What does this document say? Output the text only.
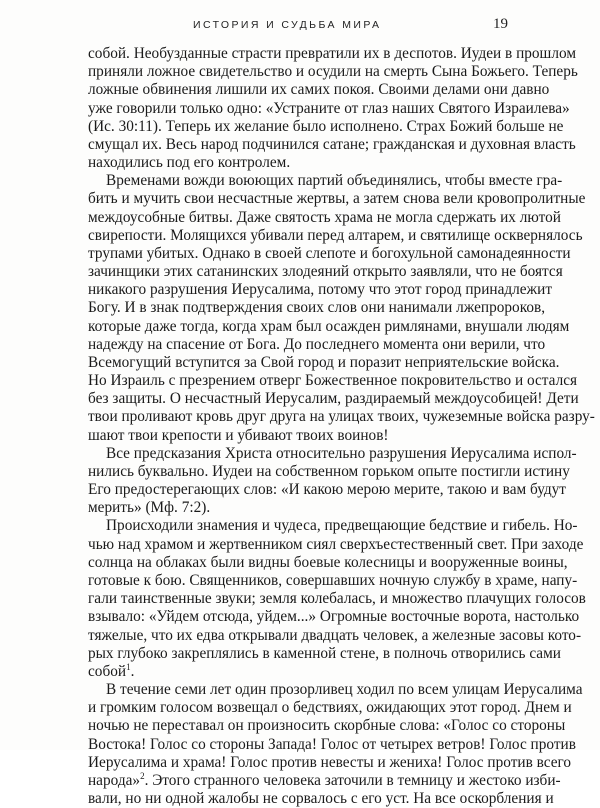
ИСТОРИЯ И СУДЬБА МИРА	19
собой. Необузданные страсти превратили их в деспотов. Иудеи в прошлом
приняли ложное свидетельство и осудили на смерть Сына Божьего. Теперь
ложные обвинения лишили их самих покоя. Своими делами они давно
уже говорили только одно: «Устраните от глаз наших Святого Израилева»
(Ис. 30:11). Теперь их желание было исполнено. Страх Божий больше не
смущал их. Весь народ подчинился сатане; гражданская и духовная власть
находились под его контролем.
Временами вожди воюющих партий объединялись, чтобы вместе гра-
бить и мучить свои несчастные жертвы, а затем снова вели кровопролитные
междоусобные битвы. Даже святость храма не могла сдержать их лютой
свирепости. Молящихся убивали перед алтарем, и святилище осквернялось
трупами убитых. Однако в своей слепоте и богохульной самонадеянности
зачинщики этих сатанинских злодеяний открыто заявляли, что не боятся
никакого разрушения Иерусалима, потому что этот город принадлежит
Богу. И в знак подтверждения своих слов они нанимали лжепророков,
которые даже тогда, когда храм был осажден римлянами, внушали людям
надежду на спасение от Бога. До последнего момента они верили, что
Всемогущий вступится за Свой город и поразит неприятельские войска.
Но Израиль с презрением отверг Божественное покровительство и остался
без защиты. О несчастный Иерусалим, раздираемый междоусобицей! Дети
твои проливают кровь друг друга на улицах твоих, чужеземные войска разру-
шают твои крепости и убивают твоих воинов!
Все предсказания Христа относительно разрушения Иерусалима испол-
нились буквально. Иудеи на собственном горьком опыте постигли истину
Его предостерегающих слов: «И какою мерою мерите, такою и вам будут
мерить» (Мф. 7:2).
Происходили знамения и чудеса, предвещающие бедствие и гибель. Но-
чью над храмом и жертвенником сиял сверхъестественный свет. При заходе
солнца на облаках были видны боевые колесницы и вооруженные воины,
готовые к бою. Священников, совершавших ночную службу в храме, напу-
гали таинственные звуки; земля колебалась, и множество плачущих голосов
взывало: «Уйдем отсюда, уйдем...» Огромные восточные ворота, настолько
тяжелые, что их едва открывали двадцать человек, а железные засовы кото-
рых глубоко закреплялись в каменной стене, в полночь отворились сами
собой$^1$.
В течение семи лет один прозорливец ходил по всем улицам Иерусалима
и громким голосом возвещал о бедствиях, ожидающих этот город. Днем и
ночью не переставал он произносить скорбные слова: «Голос со стороны
Востока! Голос со стороны Запада! Голос от четырех ветров! Голос против
Иерусалима и храма! Голос против невесты и жениха! Голос против всего
народа»$^2$. Этого странного человека заточили в темницу и жестоко изби-
вали, но ни одной жалобы не сорвалось с его уст. На все оскорбления и
